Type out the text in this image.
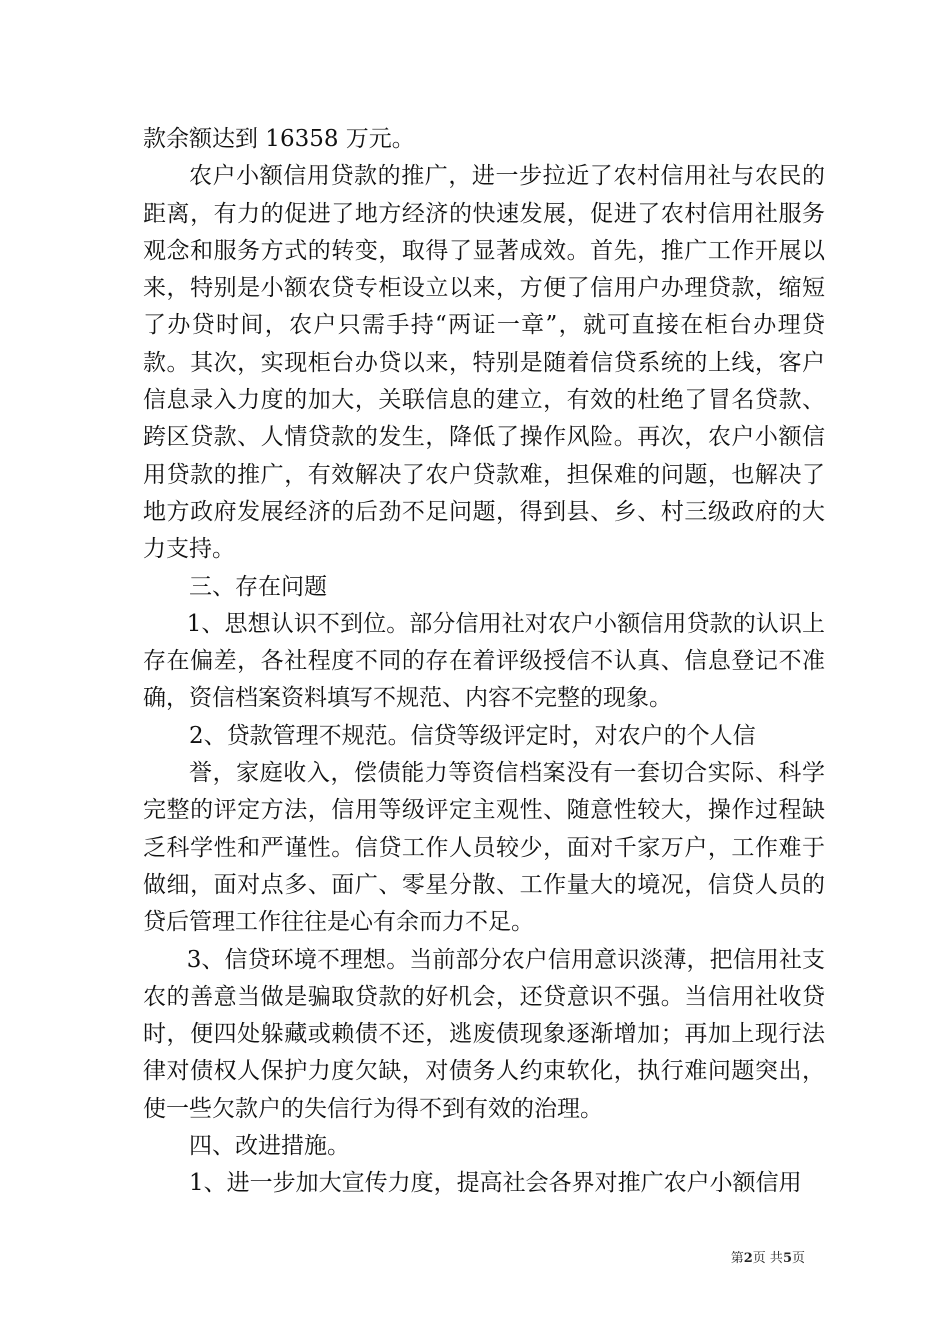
款余额达到 16358 万元。

农户小额信用贷款的推广，进一步拉近了农村信用社与农民的距离，有力的促进了地方经济的快速发展，促进了农村信用社服务观念和服务方式的转变，取得了显著成效。首先，推广工作开展以来，特别是小额农贷专柜设立以来，方便了信用户办理贷款，缩短了办贷时间，农户只需手持“两证一章”，就可直接在柜台办理贷款。其次，实现柜台办贷以来，特别是随着信贷系统的上线，客户信息录入力度的加大，关联信息的建立，有效的杜绝了冒名贷款、跨区贷款、人情贷款的发生，降低了操作风险。再次，农户小额信用贷款的推广，有效解决了农户贷款难，担保难的问题，也解决了地方政府发展经济的后劲不足问题，得到县、乡、村三级政府的大力支持。

三、存在问题

1、思想认识不到位。部分信用社对农户小额信用贷款的认识上存在偏差，各社程度不同的存在着评级授信不认真、信息登记不准确，资信档案资料填写不规范、内容不完整的现象。

2、贷款管理不规范。信贷等级评定时，对农户的个人信

誉，家庭收入，偿债能力等资信档案没有一套切合实际、科学完整的评定方法，信用等级评定主观性、随意性较大，操作过程缺乏科学性和严谨性。信贷工作人员较少，面对千家万户，工作难于做细，面对点多、面广、零星分散、工作量大的境况，信贷人员的贷后管理工作往往是心有余而力不足。

3、信贷环境不理想。当前部分农户信用意识淡薄，把信用社支农的善意当做是骗取贷款的好机会，还贷意识不强。当信用社收贷时，便四处躲藏或赖债不还，逃废债现象逐渐增加；再加上现行法律对债权人保护力度欠缺，对债务人约束软化，执行难问题突出，使一些欠款户的失信行为得不到有效的治理。

四、改进措施。

1、进一步加大宣传力度，提高社会各界对推广农户小额信用

第2页 共5页
